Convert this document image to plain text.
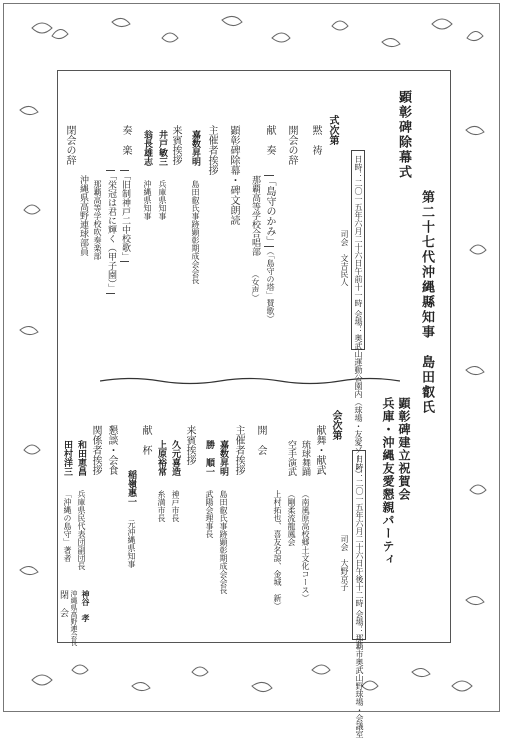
第二十七代沖縄縣知事　島田叡氏
顕彰碑除幕式
日時：二〇一五年六月二十六日午前十一時 会場：奥武山運動公園内（球場・友愛ゾーン）
司会　文吉民人
式次第
黙　祷
開会の辞
献　奏
「島守のかみ」
（「島守の塔」賛歌）
那覇高等学校合唱部
（女声）
顕彰碑除幕・碑文朗読
主催者挨拶
嘉数昇明
島田叡氏事跡顕彰期成会会長
来賓挨拶
井戸敏三
兵庫県知事
翁長雄志
沖縄県知事
奏　楽
「旧制神戸二中校歌」
「栄冠は君に輝く（甲子園）」
那覇高等学校吹奏楽部
沖縄県高野連球部員
閉会の辞
顕彰碑建立祝賀会
兵庫・沖縄友愛懇親パーティ
日時：二〇一五年六月二十六日午後十二時 会場：那覇市奥武山野球場・会議室
司会　大野京子
会次第
献舞・献武
琉球舞踊
（南風原高校郷土文化コース）
空手演武
（剛柔流龍鳳会
上村拓也、喜友名諒、金城　新）
開　会
主催者挨拶
嘉数昇明
島田叡氏事跡顕彰期成会会長
勝　順一
武陽会理事長
来賓挨拶
久元喜造
神戸市長
上原裕常
糸満市長
献　杯
稲嶺惠一
元沖縄県知事
懇談・会食
関係者挨拶
和田恵昌
兵庫県民代表団副団長
田村洋三
「沖縄の島守」著者
神谷　孝
沖縄県高野連会長
閉　会
